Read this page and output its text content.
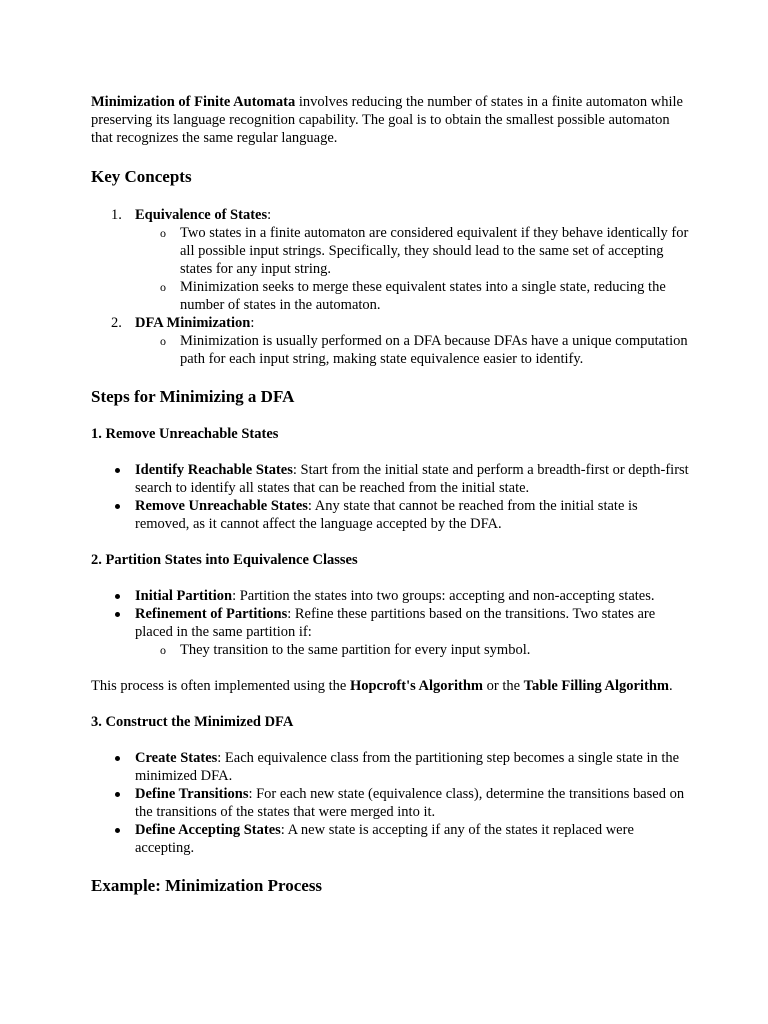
Minimization of Finite Automata involves reducing the number of states in a finite automaton while preserving its language recognition capability. The goal is to obtain the smallest possible automaton that recognizes the same regular language.

Key Concepts
1. Equivalence of States:
o Two states in a finite automaton are considered equivalent if they behave identically for all possible input strings. Specifically, they should lead to the same set of accepting states for any input string.
o Minimization seeks to merge these equivalent states into a single state, reducing the number of states in the automaton.
2. DFA Minimization:
o Minimization is usually performed on a DFA because DFAs have a unique computation path for each input string, making state equivalence easier to identify.
Steps for Minimizing a DFA
1. Remove Unreachable States
Identify Reachable States: Start from the initial state and perform a breadth-first or depth-first search to identify all states that can be reached from the initial state.
Remove Unreachable States: Any state that cannot be reached from the initial state is removed, as it cannot affect the language accepted by the DFA.
2. Partition States into Equivalence Classes
Initial Partition: Partition the states into two groups: accepting and non-accepting states.
Refinement of Partitions: Refine these partitions based on the transitions. Two states are placed in the same partition if:
o They transition to the same partition for every input symbol.

This process is often implemented using the Hopcroft's Algorithm or the Table Filling Algorithm.

3. Construct the Minimized DFA
Create States: Each equivalence class from the partitioning step becomes a single state in the minimized DFA.
Define Transitions: For each new state (equivalence class), determine the transitions based on the transitions of the states that were merged into it.
Define Accepting States: A new state is accepting if any of the states it replaced were accepting.
Example: Minimization Process
